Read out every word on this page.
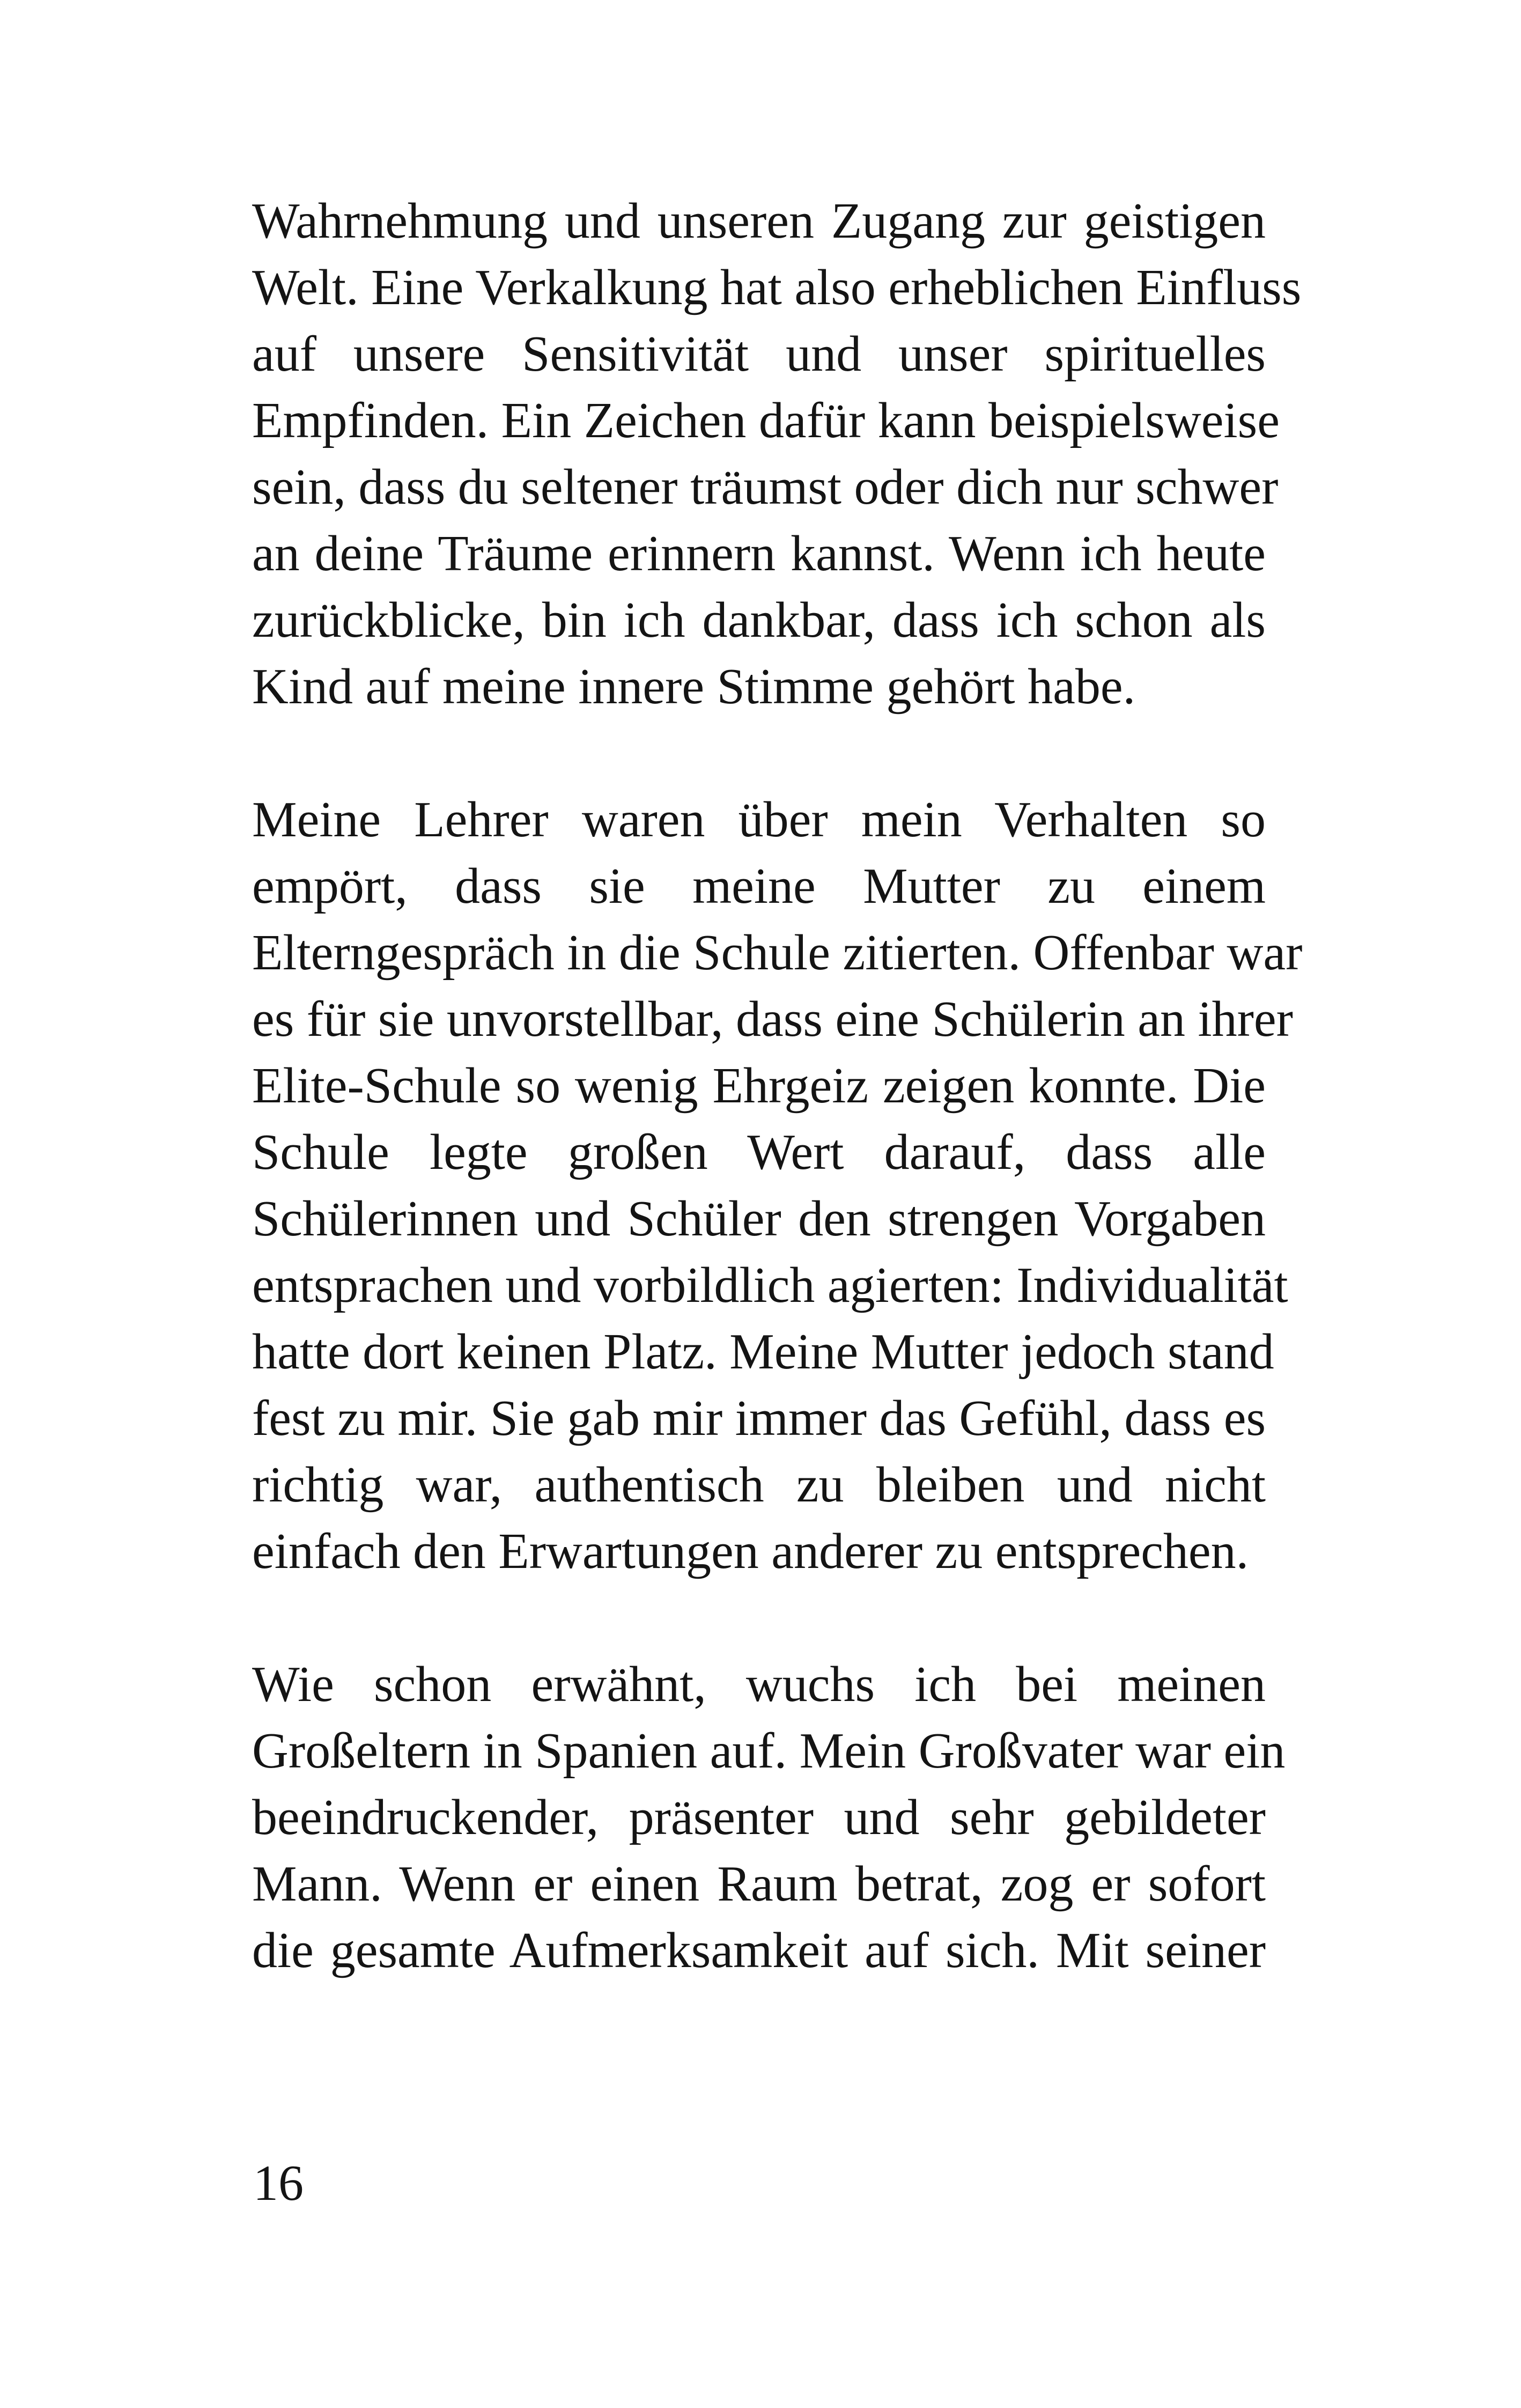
Wahrnehmung und unseren Zugang zur geistigen
Welt. Eine Verkalkung hat also erheblichen Einfluss
auf unsere Sensitivität und unser spirituelles
Empfinden. Ein Zeichen dafür kann beispielsweise
sein, dass du seltener träumst oder dich nur schwer
an deine Träume erinnern kannst. Wenn ich heute
zurückblicke, bin ich dankbar, dass ich schon als
Kind auf meine innere Stimme gehört habe.

Meine Lehrer waren über mein Verhalten so
empört, dass sie meine Mutter zu einem
Elterngespräch in die Schule zitierten. Offenbar war
es für sie unvorstellbar, dass eine Schülerin an ihrer
Elite-Schule so wenig Ehrgeiz zeigen konnte. Die
Schule legte großen Wert darauf, dass alle
Schülerinnen und Schüler den strengen Vorgaben
entsprachen und vorbildlich agierten: Individualität
hatte dort keinen Platz. Meine Mutter jedoch stand
fest zu mir. Sie gab mir immer das Gefühl, dass es
richtig war, authentisch zu bleiben und nicht
einfach den Erwartungen anderer zu entsprechen.

Wie schon erwähnt, wuchs ich bei meinen
Großeltern in Spanien auf. Mein Großvater war ein
beeindruckender, präsenter und sehr gebildeter
Mann. Wenn er einen Raum betrat, zog er sofort
die gesamte Aufmerksamkeit auf sich. Mit seiner

16
